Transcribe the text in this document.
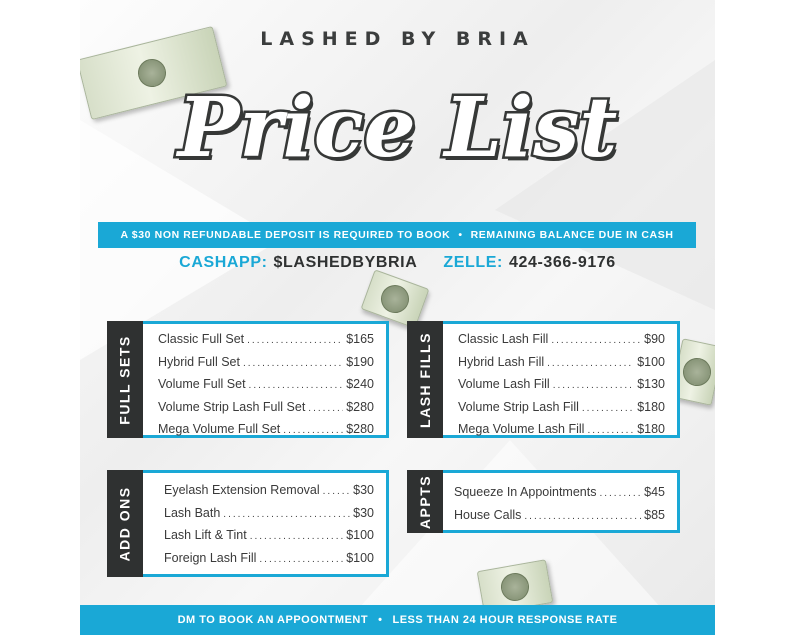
LASHED BY BRIA
Price List
A $30 NON REFUNDABLE DEPOSIT IS REQUIRED TO BOOK • REMAINING BALANCE DUE IN CASH
CASHAPP: $LASHEDBYBRIA ZELLE: 424-366-9176
FULL SETS Classic Full Set .....	$165
Hybrid Full Set .....	$190
Volume Full Set .....	$240
Volume Strip Lash Full Set .....	$280
Mega Volume Full Set .....	$280
LASH FILLS Classic Lash Fill .....	$90
Hybrid Lash Fill .....	$100
Volume Lash Fill .....	$130
Volume Strip Lash Fill .....	$180
Mega Volume Lash Fill .....	$180
ADD ONS Eyelash Extension Removal .....	$30
Lash Bath .....	$30
Lash Lift & Tint .....	$100
Foreign Lash Fill .....	$100
APPTS Squeeze In Appointments .....	$45
House Calls .....	$85
DM TO BOOK AN APPOONTMENT • LESS THAN 24 HOUR RESPONSE RATE
